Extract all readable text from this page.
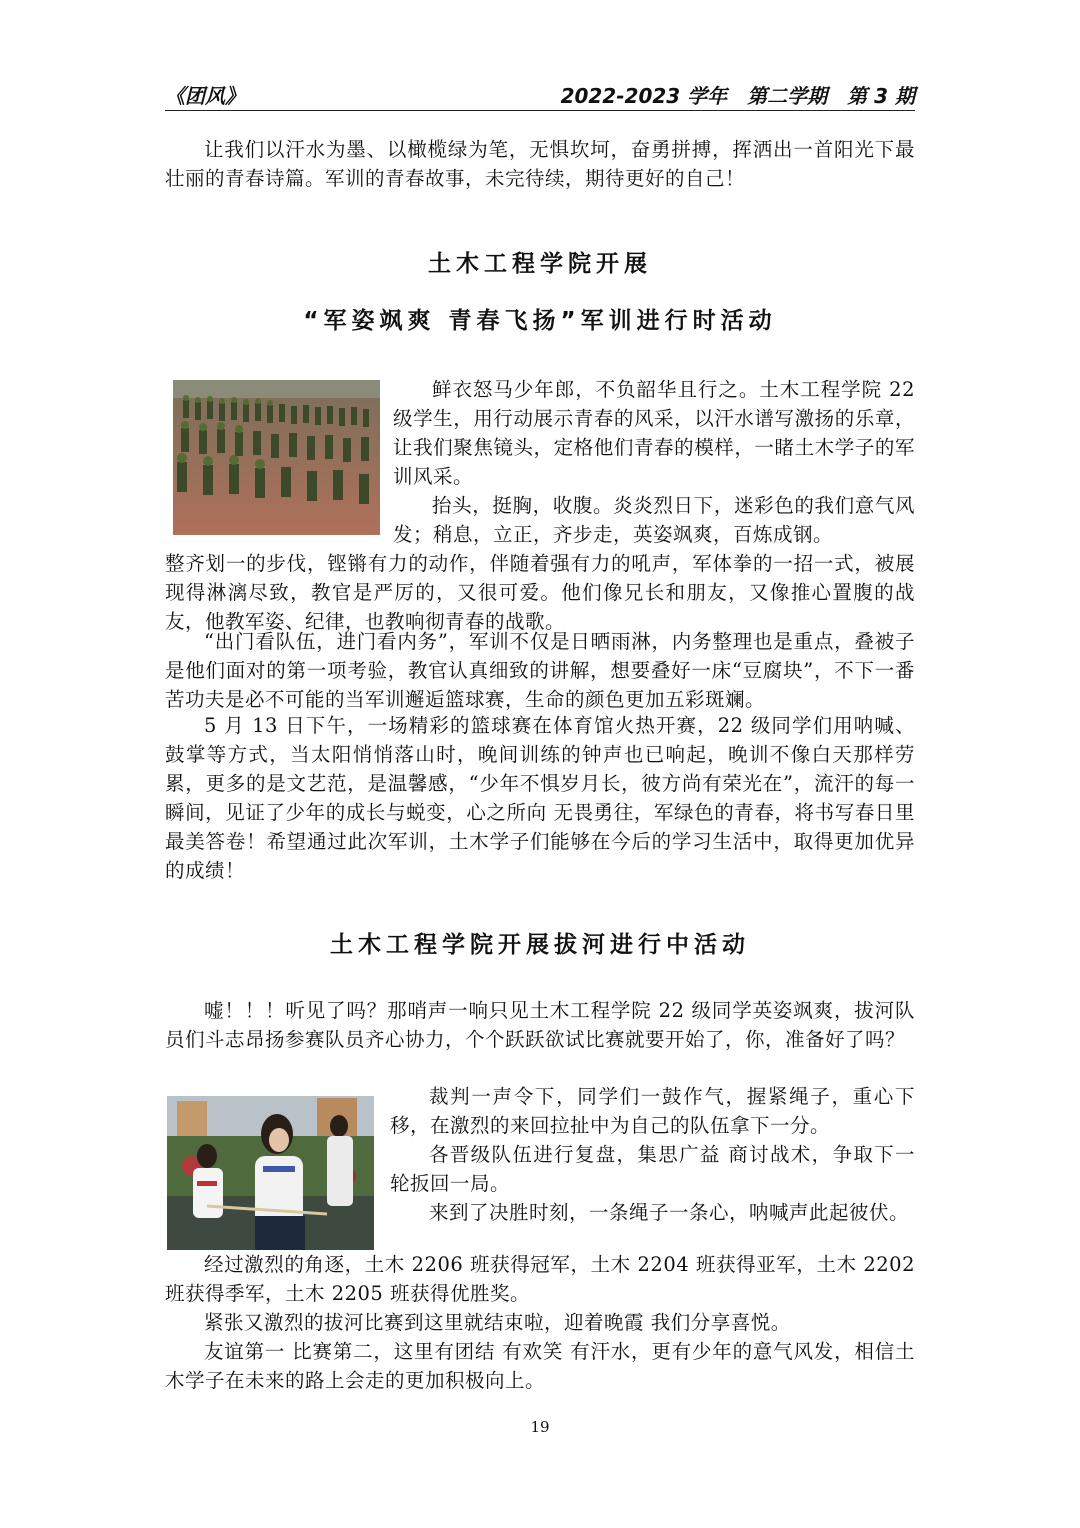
《团风》	2022-2023 学年　第二学期　第 3 期

让我们以汗水为墨、以橄榄绿为笔，无惧坎坷，奋勇拼搏，挥洒出一首阳光下最壮丽的青春诗篇。军训的青春故事，未完待续，期待更好的自己！

土木工程学院开展
“军姿飒爽 青春飞扬”军训进行时活动

鲜衣怒马少年郎，不负韶华且行之。土木工程学院 22 级学生，用行动展示青春的风采，以汗水谱写激扬的乐章，让我们聚焦镜头，定格他们青春的模样，一睹土木学子的军训风采。

抬头，挺胸，收腹。炎炎烈日下，迷彩色的我们意气风发；稍息，立正，齐步走，英姿飒爽，百炼成钢。

整齐划一的步伐，铿锵有力的动作，伴随着强有力的吼声，军体拳的一招一式，被展现得淋漓尽致，教官是严厉的，又很可爱。他们像兄长和朋友，又像推心置腹的战友，他教军姿、纪律，也教响彻青春的战歌。

“出门看队伍，进门看内务”，军训不仅是日晒雨淋，内务整理也是重点，叠被子是他们面对的第一项考验，教官认真细致的讲解，想要叠好一床“豆腐块”，不下一番苦功夫是必不可能的当军训邂逅篮球赛，生命的颜色更加五彩斑斓。

5 月 13 日下午，一场精彩的篮球赛在体育馆火热开赛，22 级同学们用呐喊、鼓掌等方式，当太阳悄悄落山时，晚间训练的钟声也已响起，晚训不像白天那样劳累，更多的是文艺范，是温馨感，“少年不惧岁月长，彼方尚有荣光在”，流汗的每一瞬间，见证了少年的成长与蜕变，心之所向 无畏勇往，军绿色的青春，将书写春日里最美答卷！希望通过此次军训，土木学子们能够在今后的学习生活中，取得更加优异的成绩！

土木工程学院开展拔河进行中活动

嘘！！！听见了吗？那哨声一响只见土木工程学院 22 级同学英姿飒爽，拔河队员们斗志昂扬参赛队员齐心协力，个个跃跃欲试比赛就要开始了，你，准备好了吗？

裁判一声令下，同学们一鼓作气，握紧绳子，重心下移，在激烈的来回拉扯中为自己的队伍拿下一分。

各晋级队伍进行复盘，集思广益 商讨战术，争取下一轮扳回一局。

来到了决胜时刻，一条绳子一条心，呐喊声此起彼伏。

经过激烈的角逐，土木 2206 班获得冠军，土木 2204 班获得亚军，土木 2202 班获得季军，土木 2205 班获得优胜奖。

紧张又激烈的拔河比赛到这里就结束啦，迎着晚霞 我们分享喜悦。

友谊第一 比赛第二，这里有团结 有欢笑 有汗水，更有少年的意气风发，相信土木学子在未来的路上会走的更加积极向上。

19
